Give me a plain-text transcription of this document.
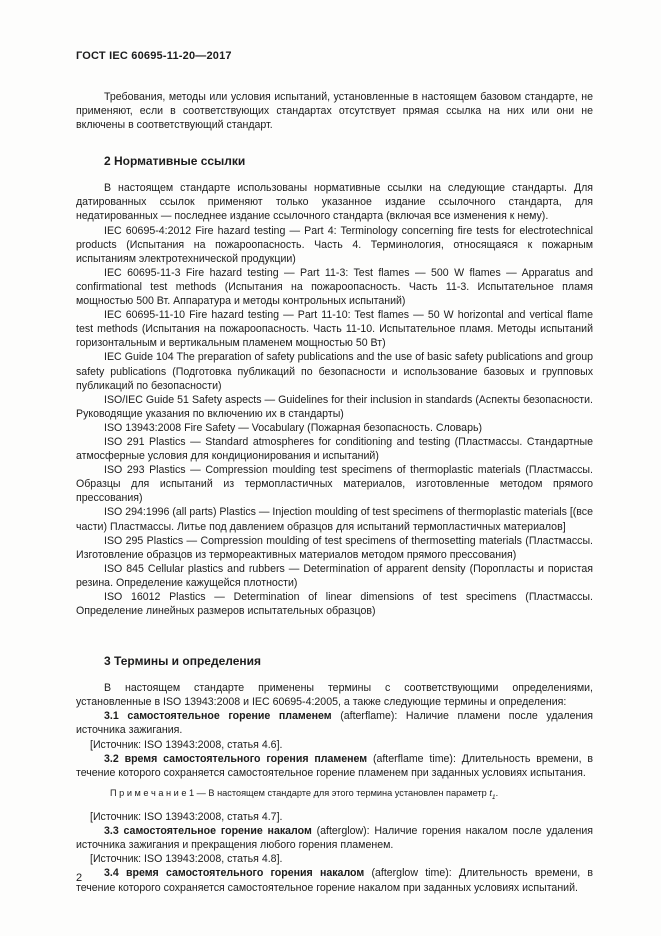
ГОСТ IEC 60695-11-20—2017

Требования, методы или условия испытаний, установленные в настоящем базовом стандарте, не применяют, если в соответствующих стандартах отсутствует прямая ссылка на них или они не включены в соответствующий стандарт.

2 Нормативные ссылки

В настоящем стандарте использованы нормативные ссылки на следующие стандарты. Для датированных ссылок применяют только указанное издание ссылочного стандарта, для недатированных — последнее издание ссылочного стандарта (включая все изменения к нему).

IEC 60695-4:2012 Fire hazard testing — Part 4: Terminology concerning fire tests for electrotechnical products (Испытания на пожароопасность. Часть 4. Терминология, относящаяся к пожарным испытаниям электротехнической продукции)

IEC 60695-11-3 Fire hazard testing — Part 11-3: Test flames — 500 W flames — Apparatus and confirmational test methods (Испытания на пожароопасность. Часть 11-3. Испытательное пламя мощностью 500 Вт. Аппаратура и методы контрольных испытаний)

IEC 60695-11-10 Fire hazard testing — Part 11-10: Test flames — 50 W horizontal and vertical flame test methods (Испытания на пожароопасность. Часть 11-10. Испытательное пламя. Методы испытаний горизонтальным и вертикальным пламенем мощностью 50 Вт)

IEC Guide 104 The preparation of safety publications and the use of basic safety publications and group safety publications (Подготовка публикаций по безопасности и использование базовых и групповых публикаций по безопасности)

ISO/IEC Guide 51 Safety aspects — Guidelines for their inclusion in standards (Аспекты безопасности. Руководящие указания по включению их в стандарты)

ISO 13943:2008 Fire Safety — Vocabulary (Пожарная безопасность. Словарь)

ISO 291 Plastics — Standard atmospheres for conditioning and testing (Пластмассы. Стандартные атмосферные условия для кондиционирования и испытаний)

ISO 293 Plastics — Compression moulding test specimens of thermoplastic materials (Пластмассы. Образцы для испытаний из термопластичных материалов, изготовленные методом прямого прессования)

ISO 294:1996 (all parts) Plastics — Injection moulding of test specimens of thermoplastic materials [(все части) Пластмассы. Литье под давлением образцов для испытаний термопластичных материалов]

ISO 295 Plastics — Compression moulding of test specimens of thermosetting materials (Пластмассы. Изготовление образцов из термореактивных материалов методом прямого прессования)

ISO 845 Cellular plastics and rubbers — Determination of apparent density (Поропласты и пористая резина. Определение кажущейся плотности)

ISO 16012 Plastics — Determination of linear dimensions of test specimens (Пластмассы. Определение линейных размеров испытательных образцов)

3 Термины и определения

В настоящем стандарте применены термины с соответствующими определениями, установленные в ISO 13943:2008 и IEC 60695-4:2005, а также следующие термины и определения:

3.1 самостоятельное горение пламенем (afterflame): Наличие пламени после удаления источника зажигания.

[Источник: ISO 13943:2008, статья 4.6].

3.2 время самостоятельного горения пламенем (afterflame time): Длительность времени, в течение которого сохраняется самостоятельное горение пламенем при заданных условиях испытания.

П р и м е ч а н и е 1 — В настоящем стандарте для этого термина установлен параметр $t_1$.

[Источник: ISO 13943:2008, статья 4.7].

3.3 самостоятельное горение накалом (afterglow): Наличие горения накалом после удаления источника зажигания и прекращения любого горения пламенем.

[Источник: ISO 13943:2008, статья 4.8].

3.4 время самостоятельного горения накалом (afterglow time): Длительность времени, в течение которого сохраняется самостоятельное горение накалом при заданных условиях испытаний.

2
